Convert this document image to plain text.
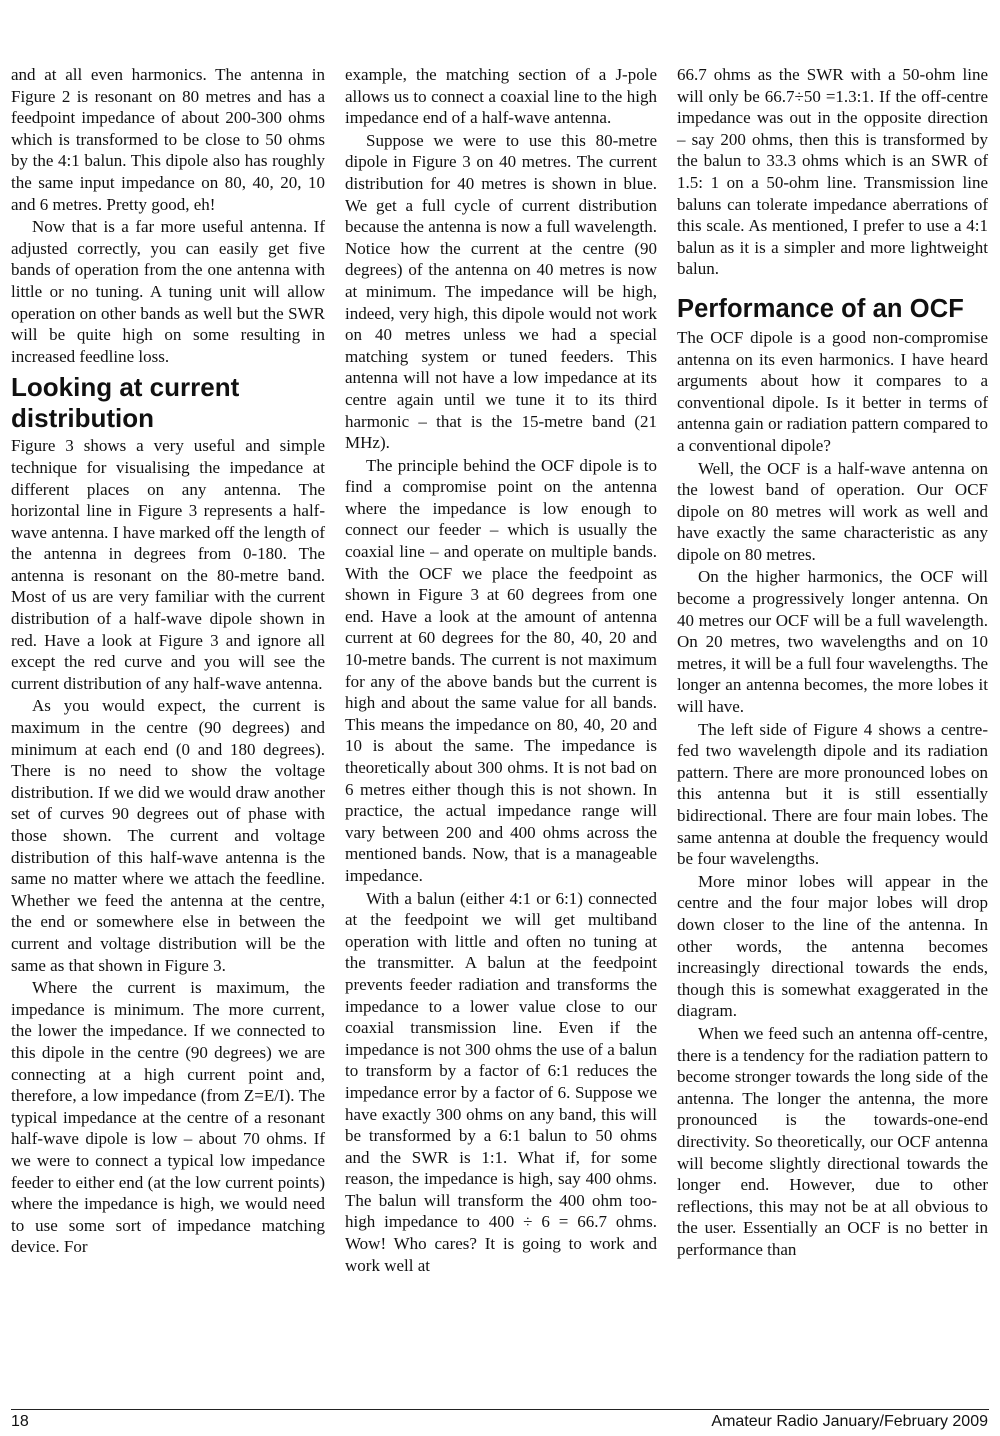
and at all even harmonics. The antenna in Figure 2 is resonant on 80 metres and has a feedpoint impedance of about 200-300 ohms which is transformed to be close to 50 ohms by the 4:1 balun. This dipole also has roughly the same input impedance on 80, 40, 20, 10 and 6 metres. Pretty good, eh!

Now that is a far more useful antenna. If adjusted correctly, you can easily get five bands of operation from the one antenna with little or no tuning. A tuning unit will allow operation on other bands as well but the SWR will be quite high on some resulting in increased feedline loss.

Looking at current distribution

Figure 3 shows a very useful and simple technique for visualising the impedance at different places on any antenna. The horizontal line in Figure 3 represents a half-wave antenna. I have marked off the length of the antenna in degrees from 0-180. The antenna is resonant on the 80-metre band. Most of us are very familiar with the current distribution of a half-wave dipole shown in red. Have a look at Figure 3 and ignore all except the red curve and you will see the current distribution of any half-wave antenna.

As you would expect, the current is maximum in the centre (90 degrees) and minimum at each end (0 and 180 degrees). There is no need to show the voltage distribution. If we did we would draw another set of curves 90 degrees out of phase with those shown. The current and voltage distribution of this half-wave antenna is the same no matter where we attach the feedline. Whether we feed the antenna at the centre, the end or somewhere else in between the current and voltage distribution will be the same as that shown in Figure 3.

Where the current is maximum, the impedance is minimum. The more current, the lower the impedance. If we connected to this dipole in the centre (90 degrees) we are connecting at a high current point and, therefore, a low impedance (from Z=E/I). The typical impedance at the centre of a resonant half-wave dipole is low – about 70 ohms. If we were to connect a typical low impedance feeder to either end (at the low current points) where the impedance is high, we would need to use some sort of impedance matching device. For

example, the matching section of a J-pole allows us to connect a coaxial line to the high impedance end of a half-wave antenna.

Suppose we were to use this 80-metre dipole in Figure 3 on 40 metres. The current distribution for 40 metres is shown in blue. We get a full cycle of current distribution because the antenna is now a full wavelength. Notice how the current at the centre (90 degrees) of the antenna on 40 metres is now at minimum. The impedance will be high, indeed, very high, this dipole would not work on 40 metres unless we had a special matching system or tuned feeders. This antenna will not have a low impedance at its centre again until we tune it to its third harmonic – that is the 15-metre band (21 MHz).

The principle behind the OCF dipole is to find a compromise point on the antenna where the impedance is low enough to connect our feeder – which is usually the coaxial line – and operate on multiple bands. With the OCF we place the feedpoint as shown in Figure 3 at 60 degrees from one end. Have a look at the amount of antenna current at 60 degrees for the 80, 40, 20 and 10-metre bands. The current is not maximum for any of the above bands but the current is high and about the same value for all bands. This means the impedance on 80, 40, 20 and 10 is about the same. The impedance is theoretically about 300 ohms. It is not bad on 6 metres either though this is not shown. In practice, the actual impedance range will vary between 200 and 400 ohms across the mentioned bands. Now, that is a manageable impedance.

With a balun (either 4:1 or 6:1) connected at the feedpoint we will get multiband operation with little and often no tuning at the transmitter. A balun at the feedpoint prevents feeder radiation and transforms the impedance to a lower value close to our coaxial transmission line. Even if the impedance is not 300 ohms the use of a balun to transform by a factor of 6:1 reduces the impedance error by a factor of 6. Suppose we have exactly 300 ohms on any band, this will be transformed by a 6:1 balun to 50 ohms and the SWR is 1:1. What if, for some reason, the impedance is high, say 400 ohms. The balun will transform the 400 ohm too-high impedance to 400 ÷ 6 = 66.7 ohms. Wow! Who cares? It is going to work and work well at

66.7 ohms as the SWR with a 50-ohm line will only be 66.7÷50 =1.3:1. If the off-centre impedance was out in the opposite direction – say 200 ohms, then this is transformed by the balun to 33.3 ohms which is an SWR of 1.5: 1 on a 50-ohm line. Transmission line baluns can tolerate impedance aberrations of this scale. As mentioned, I prefer to use a 4:1 balun as it is a simpler and more lightweight balun.

Performance of an OCF

The OCF dipole is a good non-compromise antenna on its even harmonics. I have heard arguments about how it compares to a conventional dipole. Is it better in terms of antenna gain or radiation pattern compared to a conventional dipole?

Well, the OCF is a half-wave antenna on the lowest band of operation. Our OCF dipole on 80 metres will work as well and have exactly the same characteristic as any dipole on 80 metres.

On the higher harmonics, the OCF will become a progressively longer antenna. On 40 metres our OCF will be a full wavelength. On 20 metres, two wavelengths and on 10 metres, it will be a full four wavelengths. The longer an antenna becomes, the more lobes it will have.

The left side of Figure 4 shows a centre-fed two wavelength dipole and its radiation pattern. There are more pronounced lobes on this antenna but it is still essentially bidirectional. There are four main lobes. The same antenna at double the frequency would be four wavelengths.

More minor lobes will appear in the centre and the four major lobes will drop down closer to the line of the antenna. In other words, the antenna becomes increasingly directional towards the ends, though this is somewhat exaggerated in the diagram.

When we feed such an antenna off-centre, there is a tendency for the radiation pattern to become stronger towards the long side of the antenna. The longer the antenna, the more pronounced is the towards-one-end directivity. So theoretically, our OCF antenna will become slightly directional towards the longer end. However, due to other reflections, this may not be at all obvious to the user. Essentially an OCF is no better in performance than

18	Amateur Radio January/February 2009
